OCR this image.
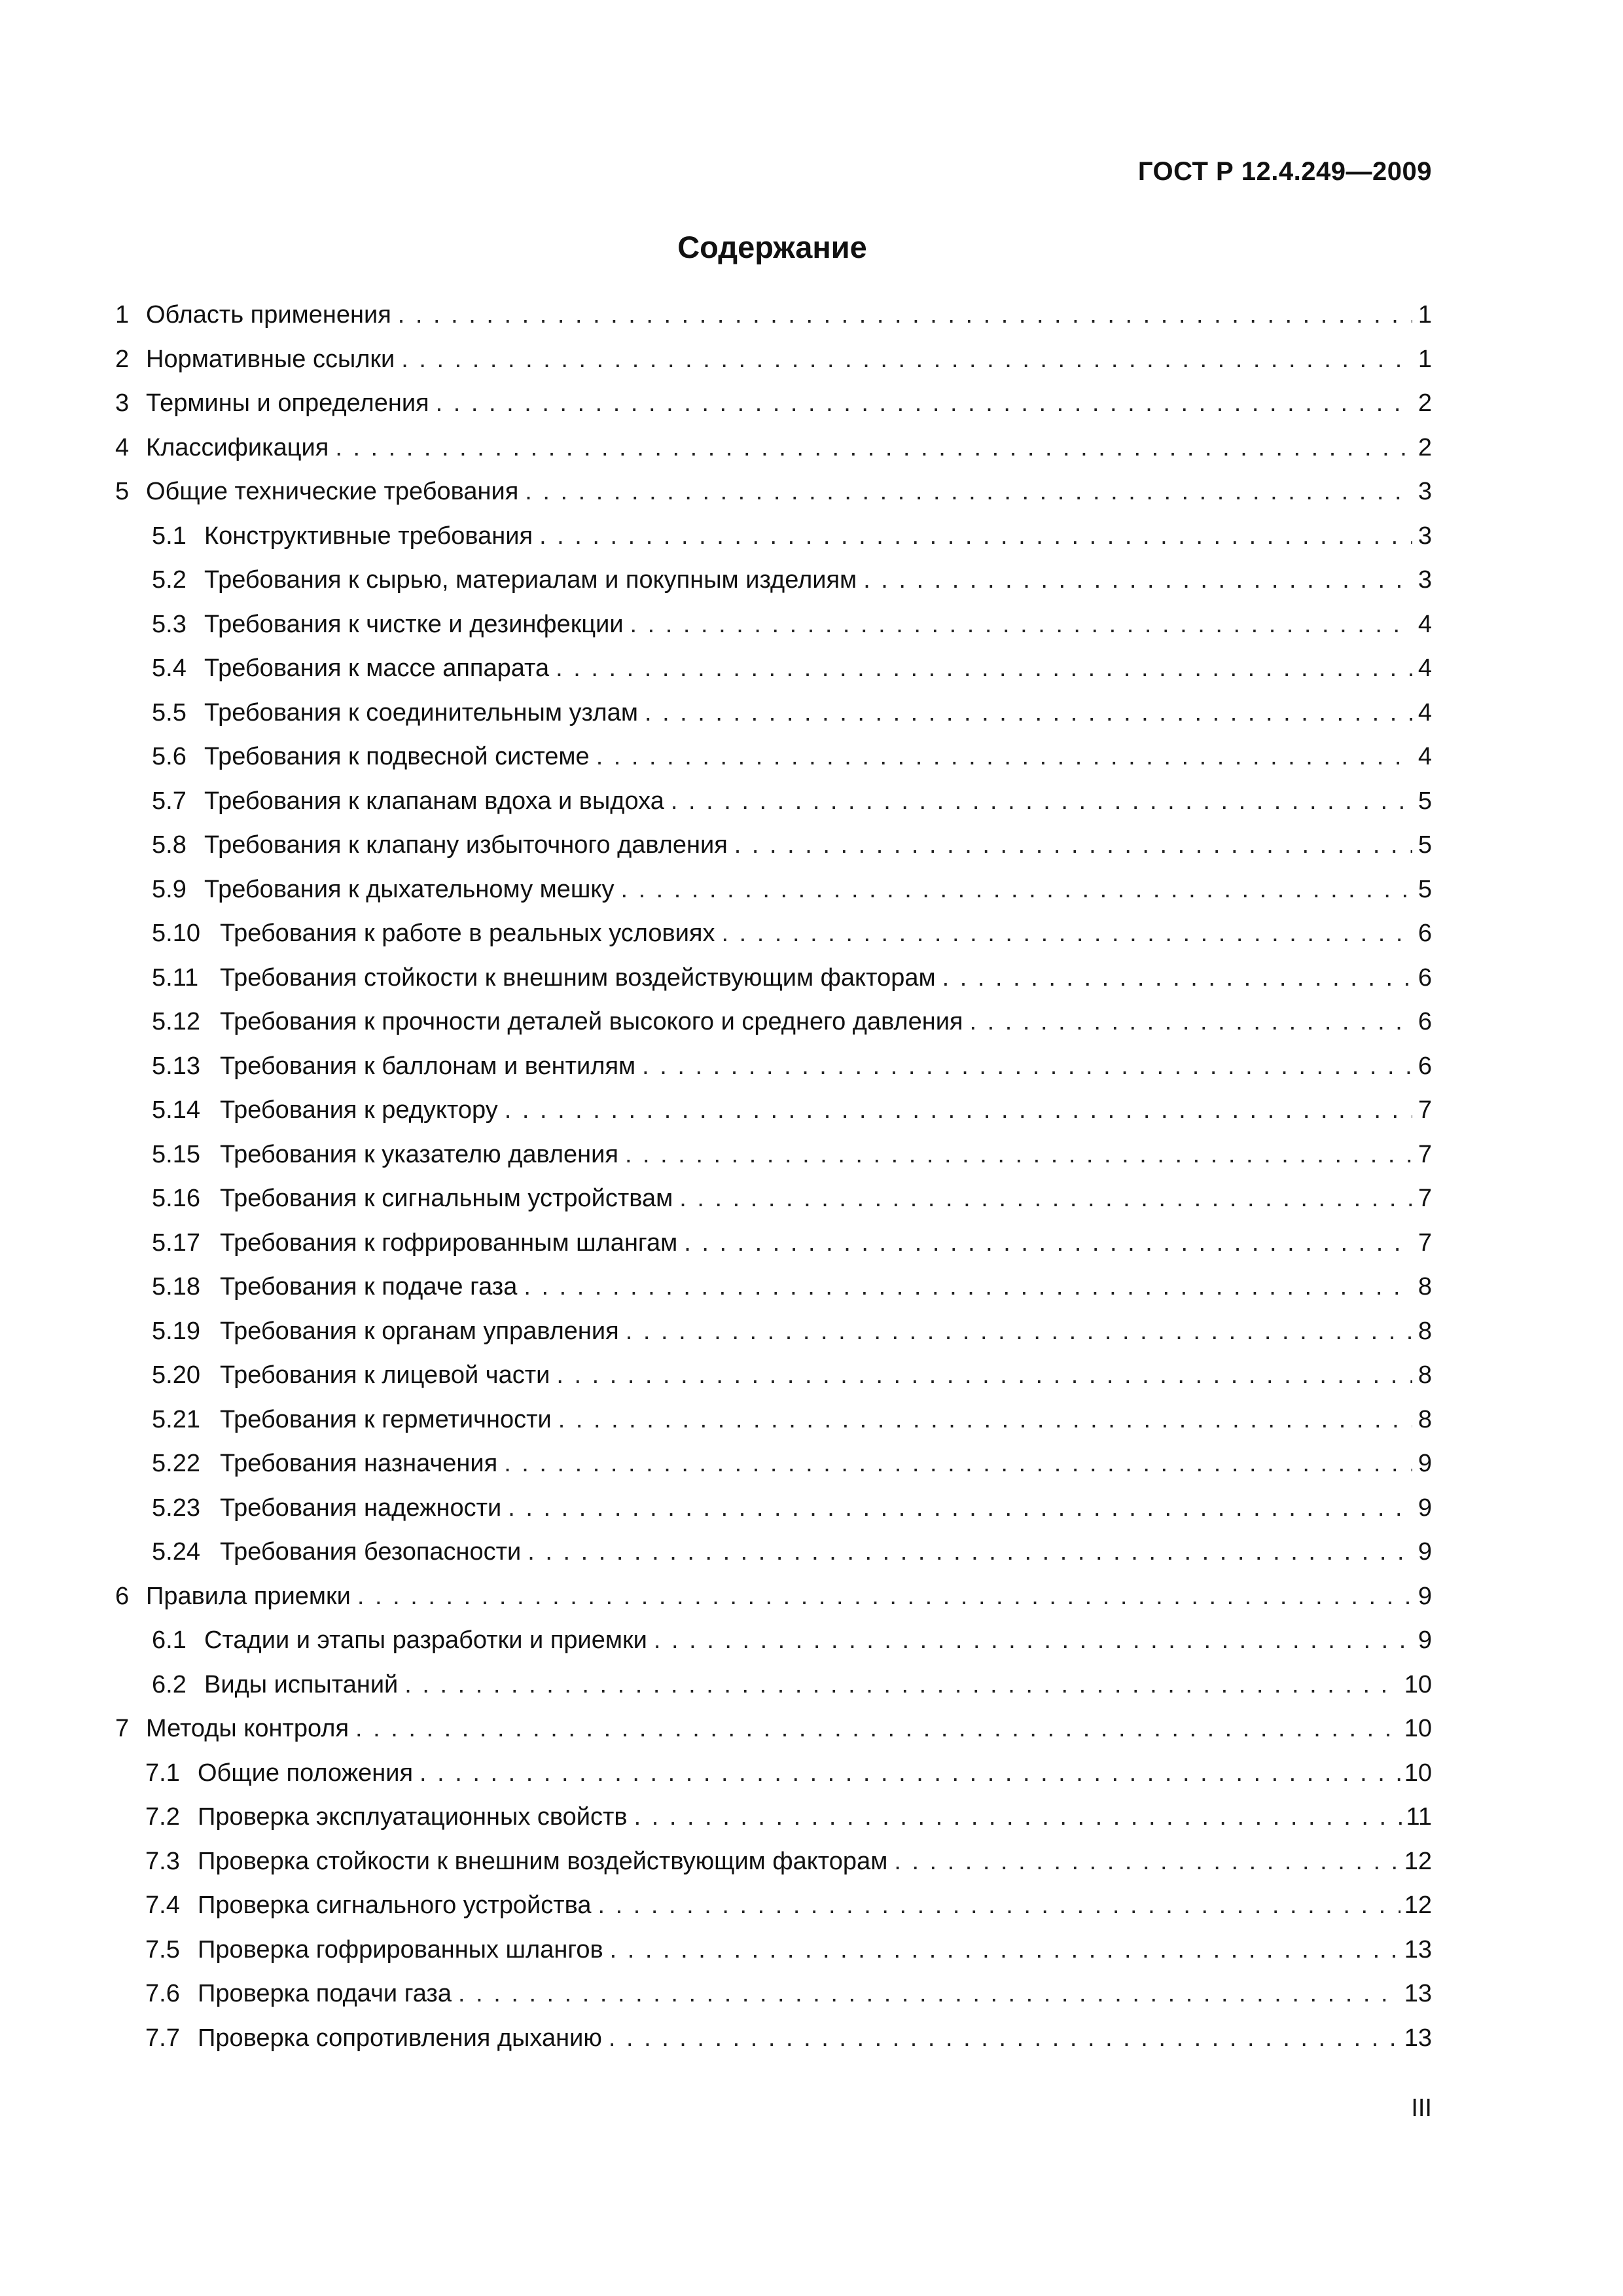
ГОСТ Р 12.4.249—2009
Содержание
1 Область применения . . .	1
2 Нормативные ссылки . . .	1
3 Термины и определения . . .	2
4 Классификация . . .	2
5 Общие технические требования . . .	3
5.1 Конструктивные требования . . .	3
5.2 Требования к сырью, материалам и покупным изделиям . . .	3
5.3 Требования к чистке и дезинфекции . . .	4
5.4 Требования к массе аппарата . . .	4
5.5 Требования к соединительным узлам . . .	4
5.6 Требования к подвесной системе . . .	4
5.7 Требования к клапанам вдоха и выдоха . . .	5
5.8 Требования к клапану избыточного давления . . .	5
5.9 Требования к дыхательному мешку . . .	5
5.10 Требования к работе в реальных условиях . . .	6
5.11 Требования стойкости к внешним воздействующим факторам . . .	6
5.12 Требования к прочности деталей высокого и среднего давления . . .	6
5.13 Требования к баллонам и вентилям . . .	6
5.14 Требования к редуктору . . .	7
5.15 Требования к указателю давления . . .	7
5.16 Требования к сигнальным устройствам . . .	7
5.17 Требования к гофрированным шлангам . . .	7
5.18 Требования к подаче газа . . .	8
5.19 Требования к органам управления . . .	8
5.20 Требования к лицевой части . . .	8
5.21 Требования к герметичности . . .	8
5.22 Требования назначения . . .	9
5.23 Требования надежности . . .	9
5.24 Требования безопасности . . .	9
6 Правила приемки . . .	9
6.1 Стадии и этапы разработки и приемки . . .	9
6.2 Виды испытаний . . .	10
7 Методы контроля . . .	10
7.1 Общие положения . . .	10
7.2 Проверка эксплуатационных свойств . . .	11
7.3 Проверка стойкости к внешним воздействующим факторам . . .	12
7.4 Проверка сигнального устройства . . .	12
7.5 Проверка гофрированных шлангов . . .	13
7.6 Проверка подачи газа . . .	13
7.7 Проверка сопротивления дыханию . . .	13
III
